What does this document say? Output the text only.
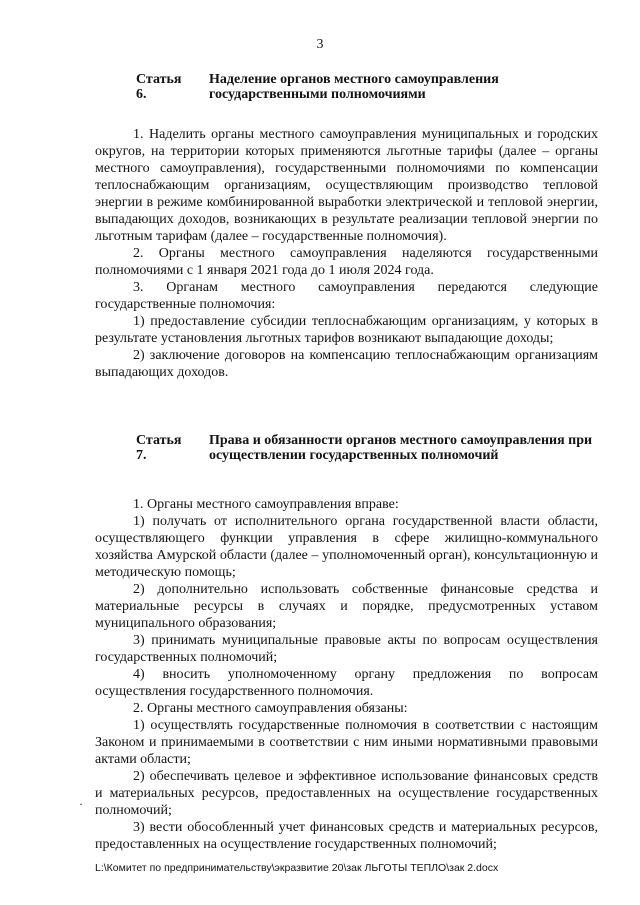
3
Статья 6.
Наделение органов местного самоуправления государственными полномочиями

1. Наделить органы местного самоуправления муниципальных и городских округов, на территории которых применяются льготные тарифы (далее – органы местного самоуправления), государственными полномочиями по компенсации теплоснабжающим организациям, осуществляющим производство тепловой энергии в режиме комбинированной выработки электрической и тепловой энергии, выпадающих доходов, возникающих в результате реализации тепловой энергии по льготным тарифам (далее – государственные полномочия).

2. Органы местного самоуправления наделяются государственными полномочиями с 1 января 2021 года до 1 июля 2024 года.

3. Органам местного самоуправления передаются следующие государственные полномочия:

1) предоставление субсидии теплоснабжающим организациям, у которых в результате установления льготных тарифов возникают выпадающие доходы;

2) заключение договоров на компенсацию теплоснабжающим организациям выпадающих доходов.

Статья 7.
Права и обязанности органов местного самоуправления при осуществлении государственных полномочий

1. Органы местного самоуправления вправе:

1) получать от исполнительного органа государственной власти области, осуществляющего функции управления в сфере жилищно-коммунального хозяйства Амурской области (далее – уполномоченный орган), консультационную и методическую помощь;

2) дополнительно использовать собственные финансовые средства и материальные ресурсы в случаях и порядке, предусмотренных уставом муниципального образования;

3) принимать муниципальные правовые акты по вопросам осуществления государственных полномочий;

4) вносить уполномоченному органу предложения по вопросам осуществления государственного полномочия.

2. Органы местного самоуправления обязаны:

1) осуществлять государственные полномочия в соответствии с настоящим Законом и принимаемыми в соответствии с ним иными нормативными правовыми актами области;

2) обеспечивать целевое и эффективное использование финансовых средств и материальных ресурсов, предоставленных на осуществление государственных полномочий;

3) вести обособленный учет финансовых средств и материальных ресурсов, предоставленных на осуществление государственных полномочий;

·
L:\Комитет по предпринимательству\экразвитие 20\зак ЛЬГОТЫ ТЕПЛО\зак 2.docx
